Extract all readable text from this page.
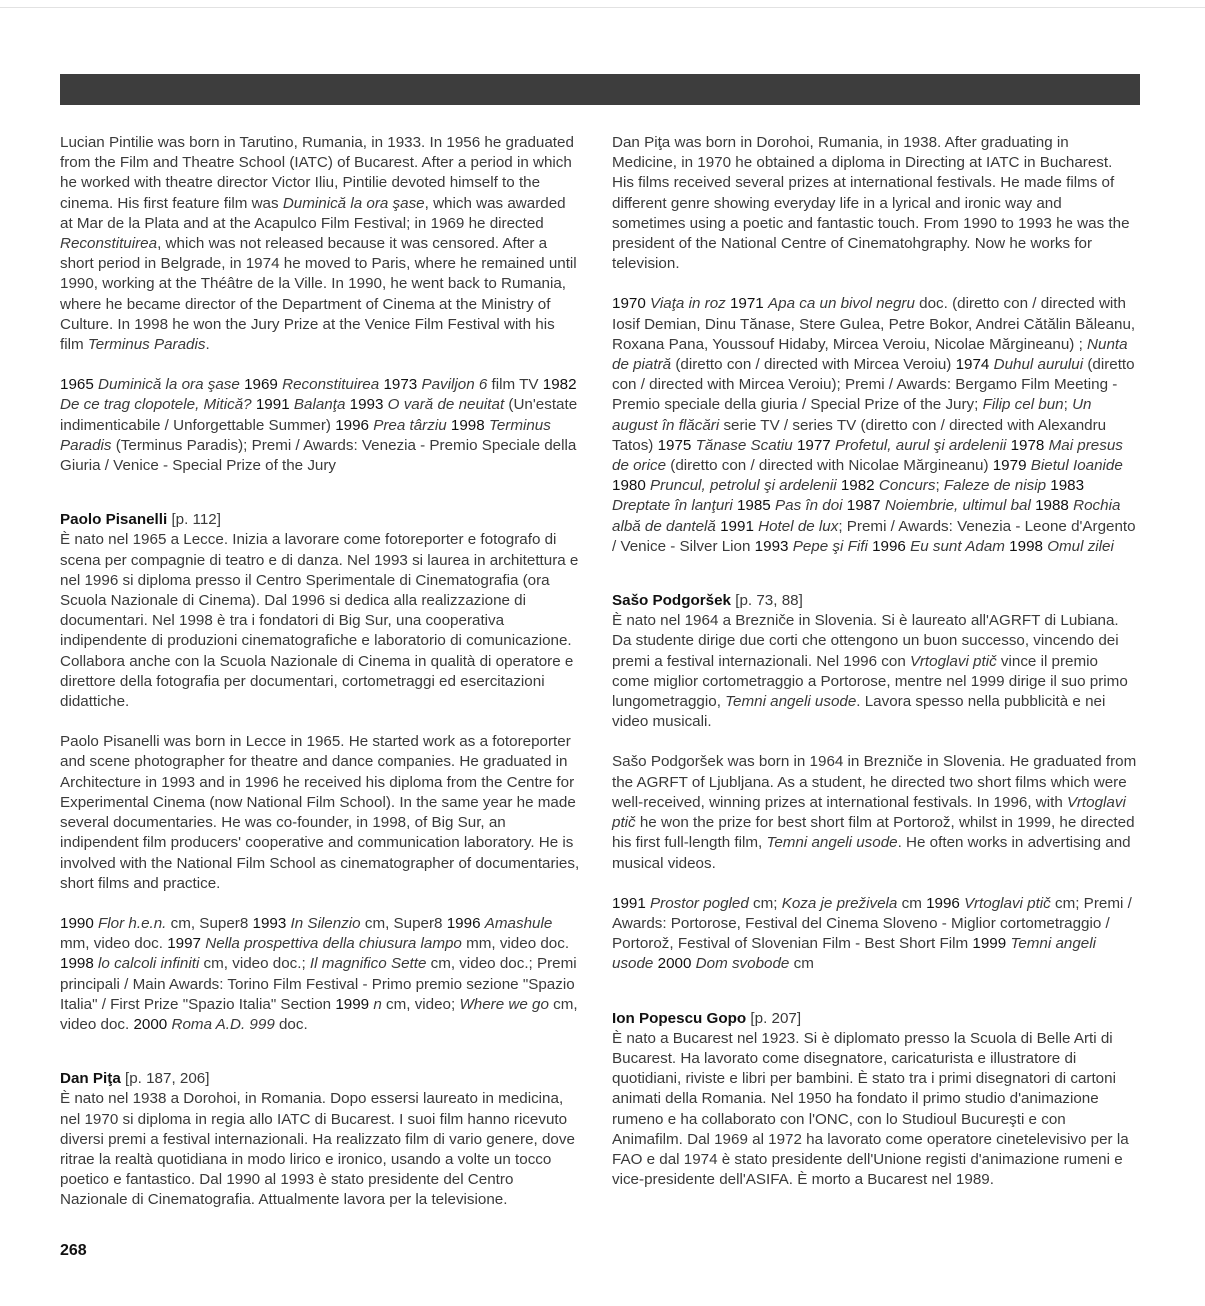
Lucian Pintilie was born in Tarutino, Rumania, in 1933. In 1956 he graduated from the Film and Theatre School (IATC) of Bucarest. After a period in which he worked with theatre director Victor Iliu, Pintilie devoted himself to the cinema. His first feature film was Duminică la ora şase, which was awarded at Mar de la Plata and at the Acapulco Film Festival; in 1969 he directed Reconstituirea, which was not released because it was censored. After a short period in Belgrade, in 1974 he moved to Paris, where he remained until 1990, working at the Théâtre de la Ville. In 1990, he went back to Rumania, where he became director of the Department of Cinema at the Ministry of Culture. In 1998 he won the Jury Prize at the Venice Film Festival with his film Terminus Paradis.

1965 Duminică la ora şase 1969 Reconstituirea 1973 Paviljon 6 film TV 1982 De ce trag clopotele, Mitică? 1991 Balanţa 1993 O vară de neuitat (Un'estate indimenticabile / Unforgettable Summer) 1996 Prea târziu 1998 Terminus Paradis (Terminus Paradis); Premi / Awards: Venezia - Premio Speciale della Giuria / Venice - Special Prize of the Jury

Paolo Pisanelli [p. 112]

È nato nel 1965 a Lecce. Inizia a lavorare come fotoreporter e fotografo di scena per compagnie di teatro e di danza. Nel 1993 si laurea in architettura e nel 1996 si diploma presso il Centro Sperimentale di Cinematografia (ora Scuola Nazionale di Cinema). Dal 1996 si dedica alla realizzazione di documentari. Nel 1998 è tra i fondatori di Big Sur, una cooperativa indipendente di produzioni cinematografiche e laboratorio di comunicazione. Collabora anche con la Scuola Nazionale di Cinema in qualità di operatore e direttore della fotografia per documentari, cortometraggi ed esercitazioni didattiche.

Paolo Pisanelli was born in Lecce in 1965. He started work as a fotoreporter and scene photographer for theatre and dance companies. He graduated in Architecture in 1993 and in 1996 he received his diploma from the Centre for Experimental Cinema (now National Film School). In the same year he made several documentaries. He was co-founder, in 1998, of Big Sur, an indipendent film producers' cooperative and communication laboratory. He is involved with the National Film School as cinematographer of documentaries, short films and practice.

1990 Flor h.e.n. cm, Super8 1993 In Silenzio cm, Super8 1996 Amashule mm, video doc. 1997 Nella prospettiva della chiusura lampo mm, video doc. 1998 lo calcoli infiniti cm, video doc.; Il magnifico Sette cm, video doc.; Premi principali / Main Awards: Torino Film Festival - Primo premio sezione "Spazio Italia" / First Prize "Spazio Italia" Section 1999 n cm, video; Where we go cm, video doc. 2000 Roma A.D. 999 doc.

Dan Piţa [p. 187, 206]

È nato nel 1938 a Dorohoi, in Romania. Dopo essersi laureato in medicina, nel 1970 si diploma in regia allo IATC di Bucarest. I suoi film hanno ricevuto diversi premi a festival internazionali. Ha realizzato film di vario genere, dove ritrae la realtà quotidiana in modo lirico e ironico, usando a volte un tocco poetico e fantastico. Dal 1990 al 1993 è stato presidente del Centro Nazionale di Cinematografia. Attualmente lavora per la televisione.

Dan Piţa was born in Dorohoi, Rumania, in 1938. After graduating in Medicine, in 1970 he obtained a diploma in Directing at IATC in Bucharest. His films received several prizes at international festivals. He made films of different genre showing everyday life in a lyrical and ironic way and sometimes using a poetic and fantastic touch. From 1990 to 1993 he was the president of the National Centre of Cinematohgraphy. Now he works for television.

1970 Viaţa in roz 1971 Apa ca un bivol negru doc. (diretto con / directed with Iosif Demian, Dinu Tănase, Stere Gulea, Petre Bokor, Andrei Cătălin Băleanu, Roxana Pana, Youssouf Hidaby, Mircea Veroiu, Nicolae Mărgineanu) ; Nunta de piatră (diretto con / directed with Mircea Veroiu) 1974 Duhul aurului (diretto con / directed with Mircea Veroiu); Premi / Awards: Bergamo Film Meeting - Premio speciale della giuria / Special Prize of the Jury; Filip cel bun; Un august în flăcări serie TV / series TV (diretto con / directed with Alexandru Tatos) 1975 Tănase Scatiu 1977 Profetul, aurul şi ardelenii 1978 Mai presus de orice (diretto con / directed with Nicolae Mărgineanu) 1979 Bietul Ioanide 1980 Pruncul, petrolul şi ardelenii 1982 Concurs; Faleze de nisip 1983 Dreptate în lanţuri 1985 Pas în doi 1987 Noiembrie, ultimul bal 1988 Rochia albă de dantelă 1991 Hotel de lux; Premi / Awards: Venezia - Leone d'Argento / Venice - Silver Lion 1993 Pepe şi Fifi 1996 Eu sunt Adam 1998 Omul zilei

Sašo Podgoršek [p. 73, 88]

È nato nel 1964 a Brezniče in Slovenia. Si è laureato all'AGRFT di Lubiana. Da studente dirige due corti che ottengono un buon successo, vincendo dei premi a festival internazionali. Nel 1996 con Vrtoglavi ptič vince il premio come miglior cortometraggio a Portorose, mentre nel 1999 dirige il suo primo lungometraggio, Temni angeli usode. Lavora spesso nella pubblicità e nei video musicali.

Sašo Podgoršek was born in 1964 in Brezniče in Slovenia. He graduated from the AGRFT of Ljubljana. As a student, he directed two short films which were well-received, winning prizes at international festivals. In 1996, with Vrtoglavi ptič he won the prize for best short film at Portorož, whilst in 1999, he directed his first full-length film, Temni angeli usode. He often works in advertising and musical videos.

1991 Prostor pogled cm; Koza je preživela cm 1996 Vrtoglavi ptič cm; Premi / Awards: Portorose, Festival del Cinema Sloveno - Miglior cortometraggio / Portorož, Festival of Slovenian Film - Best Short Film 1999 Temni angeli usode 2000 Dom svobode cm

Ion Popescu Gopo [p. 207]

È nato a Bucarest nel 1923. Si è diplomato presso la Scuola di Belle Arti di Bucarest. Ha lavorato come disegnatore, caricaturista e illustratore di quotidiani, riviste e libri per bambini. È stato tra i primi disegnatori di cartoni animati della Romania. Nel 1950 ha fondato il primo studio d'animazione rumeno e ha collaborato con l'ONC, con lo Studioul Bucureşti e con Animafilm. Dal 1969 al 1972 ha lavorato come operatore cinetelevisivo per la FAO e dal 1974 è stato presidente dell'Unione registi d'animazione rumeni e vice-presidente dell'ASIFA. È morto a Bucarest nel 1989.

268
